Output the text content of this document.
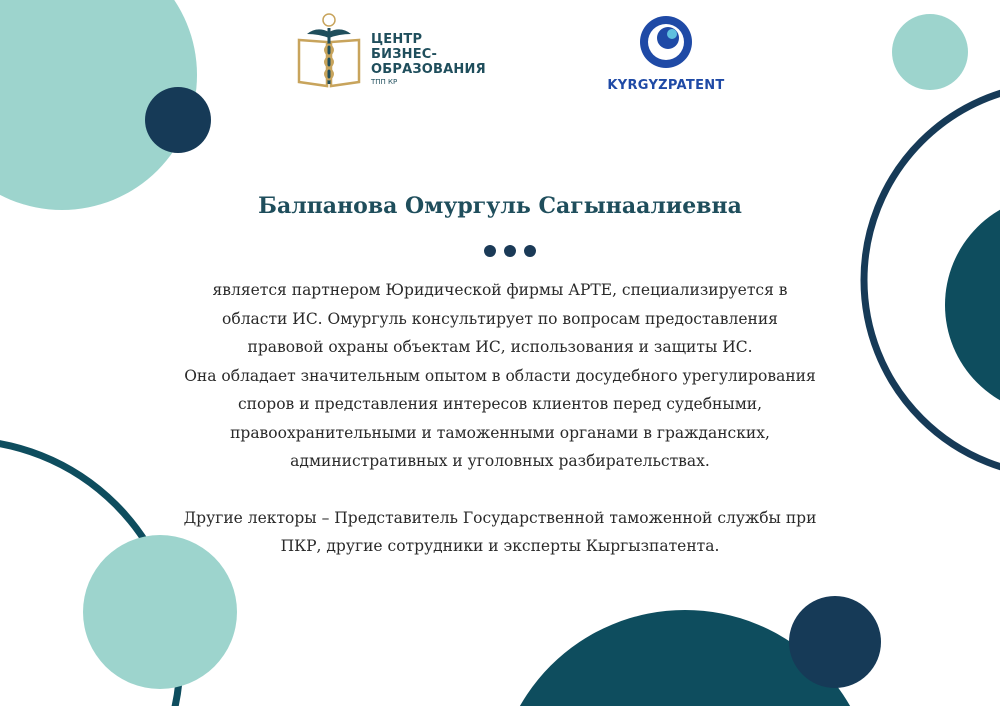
ЦЕНТР
БИЗНЕС-
ОБРАЗОВАНИЯ
ТПП КР	KYRGYZPATENT
Балпанова Омургуль Сагынаалиевна
является партнером Юридической фирмы АРТЕ, специализируется в
области ИС. Омургуль консультирует по вопросам предоставления
правовой охраны объектам ИС, использования и защиты ИС.
Она обладает значительным опытом в области досудебного урегулирования
споров и представления интересов клиентов перед судебными,
правоохранительными и таможенными органами в гражданских,
административных и уголовных разбирательствах.
Другие лекторы – Представитель Государственной таможенной службы при
ПКР, другие сотрудники и эксперты Кыргызпатента.
